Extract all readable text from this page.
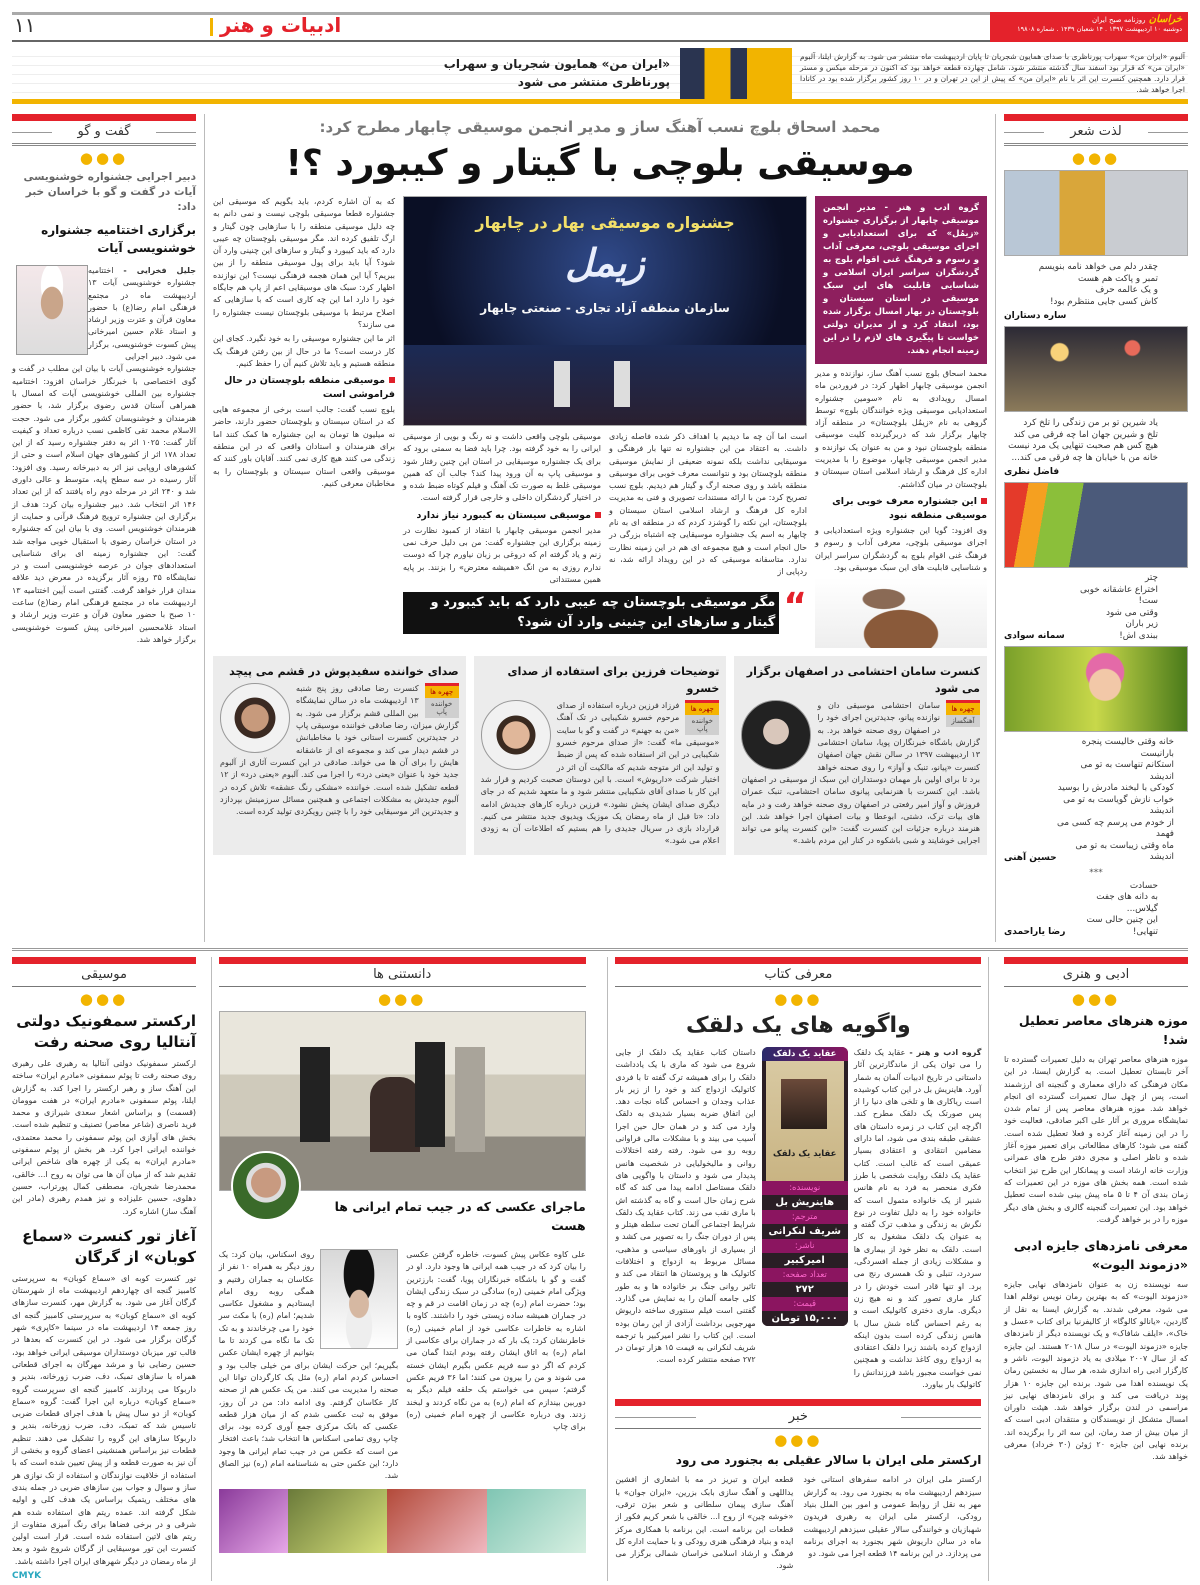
خراسان روزنامه صبح ایران
دوشنبه ۱۰ اردیبهشت ۱۳۹۷ . ۱۴ شعبان ۱۴۳۹ . شماره ۱۹۸۰۸
ادبیات و هنر
۱۱
آلبوم «ایران من» سهراب پورناظری با صدای همایون شجریان تا پایان اردیبهشت ماه منتشر می شود. به گزارش ایلنا، آلبوم «ایران من» که قرار بود اسفند سال گذشته منتشر شود، شامل چهارده قطعه خواهد بود که اکنون در مرحله میکس و مستر قرار دارد. همچنین کنسرت این اثر با نام «ایران من» که پیش از این در تهران و در ۱۰ روز کشور برگزار شده بود در کانادا اجرا خواهد شد.
«ایران من» همایون شجریان و سهراب پورناظری منتشر می شود
لذت شعر
●●●
چقدر دلم می خواهد نامه بنویسم
تمبر و پاکت هم هست
و یک عالمه حرف
کاش کسی جایی منتظرم بود!
ساره دستاران
یاد شیرین تو بر من زندگی را تلخ کرد
تلخ و شیرین جهان اما چه فرقی می کند
هیچ کس هم صحبت تنهایی یک مرد نیست
خانه من با خیابان ها چه فرقی می کند...
فاضل نظری
چتر
اختراع عاشقانه خوبی ست!
وقتی می شود
زیر باران
ببندی اش!
سمانه سوادی
خانه وقتی خالیست پنجره بارانیست
استکانم تنهاست به تو می اندیشد
کودکی با لبخند مادرش را بوسید
خواب نازش گویاست به تو می اندیشد
از خودم می پرسم چه کسی می فهمد
ماه وقتی زیباست به تو می اندیشد
حسین آهنی
***
حسادت
به دانه های جفت گیلاس...
این چنین حالی ست
تنهایی!
رضا یاراحمدی
محمد اسحاق بلوچ نسب آهنگ ساز و مدیر انجمن موسیقی چابهار مطرح کرد:
موسیقی بلوچی با گیتار و کیبورد ؟!
گروه ادب و هنر - مدیر انجمن موسیقی چابهار از برگزاری جشنواره «زیمُل» که برای استعدادیابی و اجرای موسیقی بلوچی، معرفی آداب و رسوم و فرهنگ غنی اقوام بلوچ به گردشگران سراسر ایران اسلامی و شناسایی قابلیت های این سبک موسیقی در استان سیستان و بلوچستان در بهار امسال برگزار شده بود، انتقاد کرد و از مدیران دولتی خواست تا پیگیری های لازم را در این زمینه انجام دهند.
محمد اسحاق بلوچ نسب آهنگ ساز، نوازنده و مدیر انجمن موسیقی چابهار اظهار کرد: در فروردین ماه امسال رویدادی به نام «سومین جشنواره استعدادیابی موسیقی ویژه خوانندگان بلوچ» توسط گروهی به نام «زیمُل بلوچستان» در منطقه آزاد چابهار برگزار شد که دربرگیرنده کلیت موسیقی منطقه بلوچستان نبود و من به عنوان یک نوازنده و مدیر انجمن موسیقی چابهار، موضوع را با مدیریت اداره کل فرهنگ و ارشاد اسلامی استان سیستان و بلوچستان در میان گذاشتم.
این جشنواره معرف خوبی برای موسیقی منطقه نبود
وی افزود: گویا این جشنواره ویژه استعدادیابی و اجرای موسیقی بلوچی، معرفی آداب و رسوم و فرهنگ غنی اقوام بلوچ به گردشگران سراسر ایران و شناسایی قابلیت های این سبک موسیقی بود.
جشنواره موسیقی بهار در چابهار
زیمل
سازمان منطقه آزاد تجاری - صنعتی چابهار
است اما آن چه ما دیدیم با اهداف ذکر شده فاصله زیادی داشت. به اعتقاد من این جشنواره نه تنها بار فرهنگی و موسیقایی نداشت بلکه نمونه ضعیفی از نمایش موسیقی منطقه بلوچستان بود و نتوانست معرف خوبی برای موسیقی منطقه باشد و روی صحنه ارگ و گیتار هم دیدیم. بلوچ نسب تصریح کرد: من با ارائه مستندات تصویری و فنی به مدیریت اداره کل فرهنگ و ارشاد اسلامی استان سیستان و بلوچستان، این نکته را گوشزد کردم که در منطقه ای به نام چابهار به اسم یک جشنواره موسیقایی چه اشتباه بزرگی در حال انجام است و هیچ مجموعه ای هم در این زمینه نظارت ندارد. متاسفانه موسیقی که در این رویداد ارائه شد، نه ردپایی از
موسیقی بلوچی واقعی داشت و نه رنگ و بویی از موسیقی ایرانی را به خود گرفته بود. چرا باید فضا به سمتی برود که برای یک جشنواره موسیقایی در استان این چنین رفتار شود و موسیقی پاپ به آن ورود پیدا کند؟ جالب آن که همین موسیقی غلط به صورت تک آهنگ و فیلم کوتاه ضبط شده و در اختیار گردشگران داخلی و خارجی قرار گرفته است.
موسیقی سیستان به کیبورد نیاز ندارد
مدیر انجمن موسیقی چابهار با انتقاد از کمبود نظارت در زمینه برگزاری این جشنواره گفت: من بی دلیل حرف نمی زنم و یاد گرفته ام که دروغی بر زبان نیاورم چرا که دوست ندارم روزی به من انگ «همیشه معترض» را بزنند. بر پایه همین مستنداتی
“
مگر موسیقی بلوچستان چه عیبی دارد که باید کیبورد و گیتار و سازهای این چنینی وارد آن شود؟
که به آن اشاره کردم، باید بگویم که موسیقی این جشنواره قطعا موسیقی بلوچی نیست و نمی دانم به چه دلیل موسیقی منطقه را با سازهایی چون گیتار و ارگ تلفیق کرده اند. مگر موسیقی بلوچستان چه عیبی دارد که باید کیبورد و گیتار و سازهای این چنینی وارد آن شود؟ آیا باید برای پول موسیقی منطقه را از بین ببریم؟ آیا این همان هجمه فرهنگی نیست؟ این نوازنده اظهار کرد: سبک های موسیقایی اعم از پاپ هم جایگاه خود را دارد اما این چه کاری است که با سازهایی که اصلاح مرتبط با موسیقی بلوچستان نیست جشنواره را می سازند؟
اثر ما این جشنواره موسیقی را به خود نگیرد. کجای این کار درست است؟ ما در حال از بین رفتن فرهنگ یک منطقه هستیم و باید تلاش کنیم آن را حفظ کنیم.
موسیقی منطقه بلوچستان در حال فراموشی است
بلوچ نسب گفت: جالب است برخی از مجموعه هایی که در استان سیستان و بلوچستان حضور دارند، حاضر نه میلیون ها تومان به این جشنواره ها کمک کنند اما برای هنرمندان و استادان واقعی که در این منطقه زندگی می کنند هیچ کاری نمی کنند. آقایان باور کنند که موسیقی واقعی استان سیستان و بلوچستان را به مخاطبان معرفی کنیم.
کنسرت سامان احتشامی در اصفهان برگزار می شود
چهره ها
آهنگساز
سامان احتشامی موسیقی دان و نوازنده پیانو، جدیدترین اجرای خود را در اصفهان روی صحنه خواهد برد. به گزارش باشگاه خبرنگاران پویا، سامان احتشامی ۱۳ اردیبهشت ۱۳۹۷ در سالن نقش جهان اصفهان کنسرت «پیانو، تنبک و آواز» را روی صحنه خواهد برد تا برای اولین بار مهمان دوستداران این سبک از موسیقی در اصفهان باشد. این کنسرت با هنرنمایی پیانوی سامان احتشامی، تنبک عمران فروزش و آواز امیر رفعتی در اصفهان روی صحنه خواهد رفت و در مایه های بیات ترک، دشتی، ابوعطا و بیات اصفهان اجرا خواهد شد. این هنرمند درباره جزئیات این کنسرت گفت: «این کنسرت پیانو می تواند اجرایی خوشایند و شبی باشکوه در کنار این مردم باشد.»
توضیحات فرزین برای استفاده از صدای خسرو
چهره ها
خواننده پاپ
فرزاد فرزین درباره استفاده از صدای مرحوم خسرو شکیبایی در تک آهنگ «من به جهنم» در گفت و گو با سایت «موسیقی ما» گفت: «از صدای مرحوم خسرو شکیبایی در این اثر استفاده شده که پس از ضبط و تولید این اثر متوجه شدیم که مالکیت آن اثر در اختیار شرکت «داریوش» است. با این دوستان صحبت کردیم و قرار شد این کار با صدای آقای شکیبایی منتشر شود و ما متعهد شدیم که در جای دیگری صدای ایشان پخش نشود.» فرزین درباره کارهای جدیدش ادامه داد: «تا قبل از ماه رمضان یک موزیک ویدیوی جدید منتشر می کنیم. قرارداد بازی در سریال جدیدی را هم بستیم که اطلاعات آن به زودی اعلام می شود.»
صدای خواننده سفیدپوش در قشم می پیچد
چهره ها
خواننده پاپ
کنسرت رضا صادقی روز پنج شنبه ۱۳ اردیبهشت ماه در سالن نمایشگاه بین المللی قشم برگزار می شود. به گزارش میزان، رضا صادقی خواننده موسیقی پاپ در جدیدترین کنسرت استانی خود با مخاطبانش در قشم دیدار می کند و مجموعه ای از عاشقانه هایش را برای آن ها می خواند. صادقی در این کنسرت آثاری از آلبوم جدید خود با عنوان «یعنی درد» را اجرا می کند. آلبوم «یعنی درد» از ۱۲ قطعه تشکیل شده است. خواننده «مشکی رنگ عشقه» تلاش کرده در آلبوم جدیدش به مشکلات اجتماعی و همچنین مسائل سرزمینش بپردازد و جدیدترین اثر موسیقایی خود را با چنین رویکردی تولید کرده است.
گفت و گو
●●●
دبیر اجرایی جشنواره خوشنویسی آیات در گفت و گو با خراسان خبر داد:
برگزاری اختتامیه جشنواره خوشنویسی آیات
جلیل فخرایی - اختتامیه جشنواره خوشنویسی آیات ۱۳ اردیبهشت ماه در مجتمع فرهنگی امام رضا(ع) با حضور معاون قرآن و عترت وزیر ارشاد و استاد غلام حسین امیرخانی پیش کسوت خوشنویسی، برگزار می شود. دبیر اجرایی
جشنواره خوشنویسی آیات با بیان این مطلب در گفت و گوی اختصاصی با خبرنگار خراسان افزود: اختتامیه جشنواره بین المللی خوشنویسی آیات که امسال با همراهی آستان قدس رضوی برگزار شد، با حضور هنرمندان و خوشنویسان کشور برگزار می شود. حجت الاسلام محمد تقی کاظمی نسب درباره تعداد و کیفیت آثار گفت: ۱۰۲۵ اثر به دفتر جشنواره رسید که از این تعداد ۱۷۸ اثر از کشورهای جهان اسلام است و حتی از کشورهای اروپایی نیز اثر به دبیرخانه رسید. وی افزود: آثار رسیده در سه سطح پایه، متوسط و عالی داوری شد و ۲۴۰ اثر در مرحله دوم راه یافتند که از این تعداد ۱۴۶ اثر انتخاب شد. دبیر جشنواره بیان کرد: هدف از برگزاری این جشنواره ترویج فرهنگ قرآنی و حمایت از هنرمندان خوشنویس است. وی با بیان این که جشنواره در استان خراسان رضوی با استقبال خوبی مواجه شد گفت: این جشنواره زمینه ای برای شناسایی استعدادهای جوان در عرصه خوشنویسی است و در نمایشگاه ۳۵ روزه آثار برگزیده در معرض دید علاقه مندان قرار خواهد گرفت. گفتنی است آیین اختتامیه ۱۳ اردیبهشت ماه در مجتمع فرهنگی امام رضا(ع) ساعت ۱۰ صبح با حضور معاون قرآن و عترت وزیر ارشاد و استاد غلامحسین امیرخانی پیش کسوت خوشنویسی برگزار خواهد شد.
ادبی و هنری
●●●
موزه هنرهای معاصر تعطیل شد!
موزه هنرهای معاصر تهران به دلیل تعمیرات گسترده تا آخر تابستان تعطیل است. به گزارش ایسنا، در این مکان فرهنگی که دارای معماری و گنجینه ای ارزشمند است، پس از چهل سال تعمیرات گسترده ای انجام خواهد شد. موزه هنرهای معاصر پس از تمام شدن نمایشگاه مروری بر آثار علی اکبر صادقی، فعالیت خود را در این زمینه آغاز کرده و فعلا تعطیل شده است. گفته می شود؛ کارهای مطالعاتی برای تعمیر موزه آغاز شده و ناظر اصلی و مجری دفتر طرح های عمرانی وزارت خانه ارشاد است و پیمانکار این طرح نیز انتخاب شده است. همه بخش های موزه در این تعمیرات که زمان بندی آن ۴ تا ۵ ماه پیش بینی شده است تعطیل خواهد بود. این تعمیرات گنجینه گالری و بخش های دیگر موزه را در بر خواهد گرفت.
معرفی نامزدهای جایزه ادبی «دزموند الیوت»
سه نویسنده زن به عنوان نامزدهای نهایی جایزه «دزموند الیوت» که به بهترین رمان نویس نوقلم اهدا می شود، معرفی شدند. به گزارش ایسنا به نقل از گاردین، «یانالو کالوگا» از کالیفرنیا برای کتاب «عسل و خاک»، «ایلف شافاک» و یک نویسنده دیگر از نامزدهای جایزه «دزموند الیوت» در سال ۲۰۱۸ هستند. این جایزه که از سال ۲۰۰۷ میلادی به یاد دزموند الیوت، ناشر و کارگزار ادبی راه اندازی شده، هر سال به نخستین رمان یک نویسنده اهدا می شود. برنده این جایزه ۱۰ هزار پوند دریافت می کند و برای نامزدهای نهایی نیز مراسمی در لندن برگزار خواهد شد. هیئت داوران امسال متشکل از نویسندگان و منتقدان ادبی است که از میان بیش از صد رمان، این سه اثر را برگزیده اند. برنده نهایی این جایزه ۲۰ ژوئن (۳۰ خرداد) معرفی خواهد شد.
معرفی کتاب
●●●
واگویه های یک دلقک
گروه ادب و هنر - عقاید یک دلقک را می توان یکی از ماندگارترین آثار داستانی در تاریخ ادبیات آلمان به شمار آورد. هاینریش بل در این کتاب کوشیده است ریاکاری ها و تلخی های دنیا را از پس صورتک یک دلقک مطرح کند. اگرچه این کتاب در زمره داستان های عشقی طبقه بندی می شود، اما دارای مضامین انتقادی و اعتقادی بسیار عمیقی است که غالب است. کتاب عقاید یک دلقک روایت شخصی با طرز فکری منحصر به فرد به نام هانس شنیر از یک خانواده متمول است که خانواده خود را به دلیل تفاوت در نوع نگرش به زندگی و مذهب ترک گفته و به عنوان یک دلقک مشغول به کار است. دلقک به نظر خود از بیماری ها و مشکلات زیادی از جمله افسردگی، سردرد، تنبلی و تک همسری رنج می برد. او تنها قادر است خودش را در کنار ماری تصور کند و نه هیچ زن دیگری. ماری دختری کاتولیک است و به رغم احساس گناه شش سال با هانس زندگی کرده است بدون اینکه ازدواج کرده باشند زیرا دلقک اعتقادی به ازدواج روی کاغذ نداشت و همچنین نمی خواست مجبور باشد فرزندانش را کاتولیک بار بیاورد.
عقاید یک دلقک
عقاید یک دلقک
نویسنده:
هاینریش بل
مترجم:
شریف لنکرانی
ناشر:
امیرکبیر
تعداد صفحه:
۲۷۲
قیمت:
۱۵,۰۰۰ تومان
داستان کتاب عقاید یک دلقک از جایی شروع می شود که ماری با یک یادداشت دلقک را برای همیشه ترک گفته تا با فردی کاتولیک ازدواج کند و خود را از زیر بار عذاب وجدان و احساس گناه نجات دهد. این اتفاق ضربه بسیار شدیدی به دلقک وارد می کند و در همان حال حین اجرا آسیب می بیند و با مشکلات مالی فراوانی روبه رو می شود. رفته رفته اختلالات روانی و مالیخولیایی در شخصیت هانس پدیدار می شود و داستان با واگویی های دلقک مستاصل ادامه پیدا می کند که گاه شرح زمان حال است و گاه به گذشته اش با ماری نقب می زند. کتاب عقاید یک دلقک شرایط اجتماعی آلمان تحت سلطه هیتلر و پس از دوران جنگ را به تصویر می کشد و از بسیاری از باورهای سیاسی و مذهبی، مسائل مربوط به ازدواج و اختلافات کاتولیک ها و پروتستان ها انتقاد می کند و تاثیر روانی جنگ بر خانواده ها و به طور کلی جامعه آلمان را به نمایش می گذارد. گفتنی است فیلم سنتوری ساخته داریوش مهرجویی برداشت آزادی از این رمان بوده است. این کتاب را نشر امیرکبیر با ترجمه شریف لنکرانی به قیمت ۱۵ هزار تومان در ۲۷۲ صفحه منتشر کرده است.
خبر
●●●
ارکستر ملی ایران با سالار عقیلی به بجنورد می رود
ارکستر ملی ایران در ادامه سفرهای استانی خود سیزدهم اردیبهشت ماه به بجنورد می رود. به گزارش مهر به نقل از روابط عمومی و امور بین الملل بنیاد رودکی، ارکستر ملی ایران به رهبری فریدون شهبازیان و خوانندگی سالار عقیلی سیزدهم اردیبهشت ماه در سالن داریوش شهر بجنورد به اجرای برنامه می پردازد. در این برنامه ۱۴ قطعه اجرا می شود. دو
قطعه ایران و تبریز در مه با اشعاری از افشین یداللهی و آهنگ سازی بابک بزرین، «ایران جوان» با آهنگ سازی پیمان سلطانی و شعر بیژن ترقی، «خوشه چین» از روح ا... خالقی با شعر کریم فکور از قطعات این برنامه است. این برنامه با همکاری مرکز ایده و بنیاد فرهنگی هنری رودکی و با حمایت اداره کل فرهنگ و ارشاد اسلامی خراسان شمالی برگزار می شود.
دانستنی ها
●●●
ماجرای عکسی که در جیب تمام ایرانی ها هست
علی کاوه عکاس پیش کسوت، خاطره گرفتن عکسی را بیان کرد که در جیب همه ایرانی ها وجود دارد. او در گفت و گو با باشگاه خبرنگاران پویا، گفت: بارزترین ویژگی امام خمینی (ره) سادگی در سبک زندگی ایشان بود؛ حضرت امام (ره) چه در زمان اقامت در قم و چه در جماران همیشه ساده زیستی خود را داشتند. کاوه با اشاره به خاطرات عکاسی خود از امام خمینی (ره) خاطرنشان کرد: یک بار که در جماران برای عکاسی از امام (ره) به اتاق ایشان رفته بودم ابتدا گمان می کردم که اگر دو سه فریم عکس بگیرم ایشان خسته می شوند و من را بیرون می کنند؛ اما ۳۶ فریم عکس گرفتم؛ سپس می خواستم یک حلقه فیلم دیگر به دوربین بیندازم که امام (ره) به من نگاه کردند و لبخند زدند. وی درباره عکاسی از چهره امام خمینی (ره) برای چاپ
روی اسکناس، بیان کرد: یک روز دیگر به همراه ۱۰ نفر از عکاسان به جماران رفتیم و همگی روبه روی امام ایستادیم و مشغول عکاسی شدیم؛ امام (ره) با مکث سر خود را می چرخاندند و به تک تک ما نگاه می کردند تا ما بتوانیم از چهره ایشان عکس بگیریم؛ این حرکت ایشان برای من خیلی جالب بود و احساس کردم امام (ره) مثل یک کارگردان توانا این صحنه را مدیریت می کنند. من یک عکس هم از صحنه کار عکاسان گرفتم. وی ادامه داد: من در آن روز، موفق به ثبت عکسی شدم که از میان هزار قطعه عکسی که بانک مرکزی جمع آوری کرده بود، برای چاپ روی تمامی اسکناس ها انتخاب شد؛ باعث افتخار من است که عکس من در جیب تمام ایرانی ها وجود دارد؛ این عکس حتی به شناسنامه امام (ره) نیز الصاق شد.
موسیقی
●●●
ارکستر سمفونیک دولتی آنتالیا روی صحنه رفت
ارکستر سمفونیک دولتی آنتالیا به رهبری علی رهبری روی صحنه رفت تا پوئم سمفونی «مادرم ایران» ساخته این آهنگ ساز و رهبر ارکستر را اجرا کند. به گزارش ایلنا، پوئم سمفونی «مادرم ایران» در هفت موومان (قسمت) و براساس اشعار سعدی شیرازی و محمد فرید ناصری (شاعر معاصر) تصنیف و تنظیم شده است. بخش های آوازی این پوئم سمفونی را محمد معتمدی، خواننده ایرانی اجرا کرد. هر بخش از پوئم سمفونی «مادرم ایران» به یکی از چهره های شاخص ایرانی تقدیم شد که از میان آن ها می توان به روح ا... خالقی، محمدرضا شجریان، مصطفی کمال پورتراب، حسین دهلوی، حسین علیزاده و نیز همدم رهبری (مادر این آهنگ ساز) اشاره کرد.
آغاز تور کنسرت «سماع کوبان» از گرگان
تور کنسرت کوبه ای «سماع کوبان» به سرپرستی کامبیز گنجه ای چهاردهم اردیبهشت ماه از شهرستان گرگان آغاز می شود. به گزارش مهر، کنسرت سازهای کوبه ای «سماع کوبان» به سرپرستی کامبیز گنجه ای روز جمعه ۱۴ اردیبهشت ماه در سینما «کاپری» شهر گرگان برگزار می شود. در این کنسرت که بعدها در قالب تور میزبان دوستداران موسیقی ایرانی خواهد بود، حسین رضایی نیا و مرشد مهرگان به اجرای قطعاتی همراه با سازهای تمبک، دف، ضرب زورخانه، بندیر و داربوکا می پردازند. کامبیز گنجه ای سرپرست گروه «سماع کوبان» درباره این اجرا گفت: گروه «سماع کوبان» از دو سال پیش با هدف اجرای قطعات ضربی تاسیس شد که تمبک، دف، ضرب زورخانه، بندیر و داربوکا سازهای این گروه را تشکیل می دهند. تنظیم قطعات نیز براساس همنشینی اعضای گروه و بخشی از آن نیز به صورت قطعه و از پیش تعیین شده است که با استفاده از خلاقیت نوازندگان و استفاده از تک نوازی هر ساز و سوال و جواب بین سازهای ضربی در جمله بندی های مختلف ریتمیک براساس یک هدف کلی و اولیه شکل گرفته اند. عمده ریتم های استفاده شده هم شرقی و در برخی فضاها برای رنگ آمیزی متفاوت از ریتم های لاتین استفاده شده است. قرار است اولین کنسرت این تور موسیقایی از گرگان شروع شود و بعد از ماه رمضان در دیگر شهرهای ایران اجرا داشته باشد.
CMYK
